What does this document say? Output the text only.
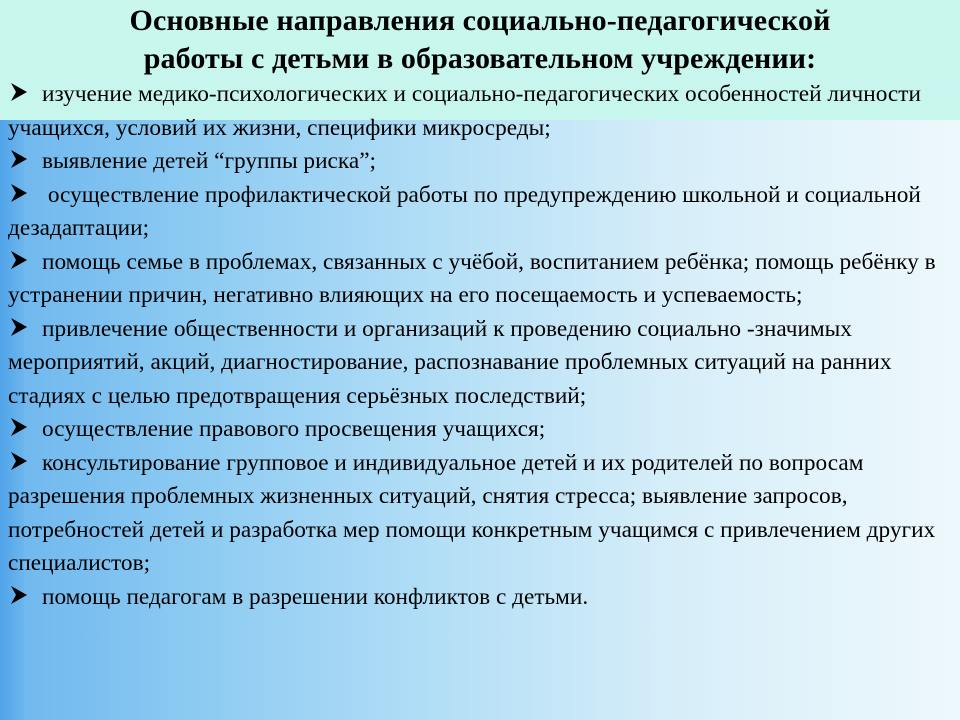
Основные направления социально-педагогической
работы с детьми в образовательном учреждении:
изучение медико-психологических и социально-педагогических особенностей личности учащихся, условий их жизни, специфики микросреды;
выявление детей “группы риска”;
осуществление профилактической работы по предупреждению школьной и социальной дезадаптации;
помощь семье в проблемах, связанных с учёбой, воспитанием ребёнка; помощь ребёнку в устранении причин, негативно влияющих на его посещаемость и успеваемость;
привлечение общественности и организаций к проведению социально -значимых мероприятий, акций, диагностирование, распознавание проблемных ситуаций на ранних стадиях с целью предотвращения серьёзных последствий;
осуществление правового просвещения учащихся;
консультирование групповое и индивидуальное детей и их родителей по вопросам разрешения проблемных жизненных ситуаций, снятия стресса; выявление запросов, потребностей детей и разработка мер помощи конкретным учащимся с привлечением других специалистов;
помощь педагогам в разрешении конфликтов с детьми.
